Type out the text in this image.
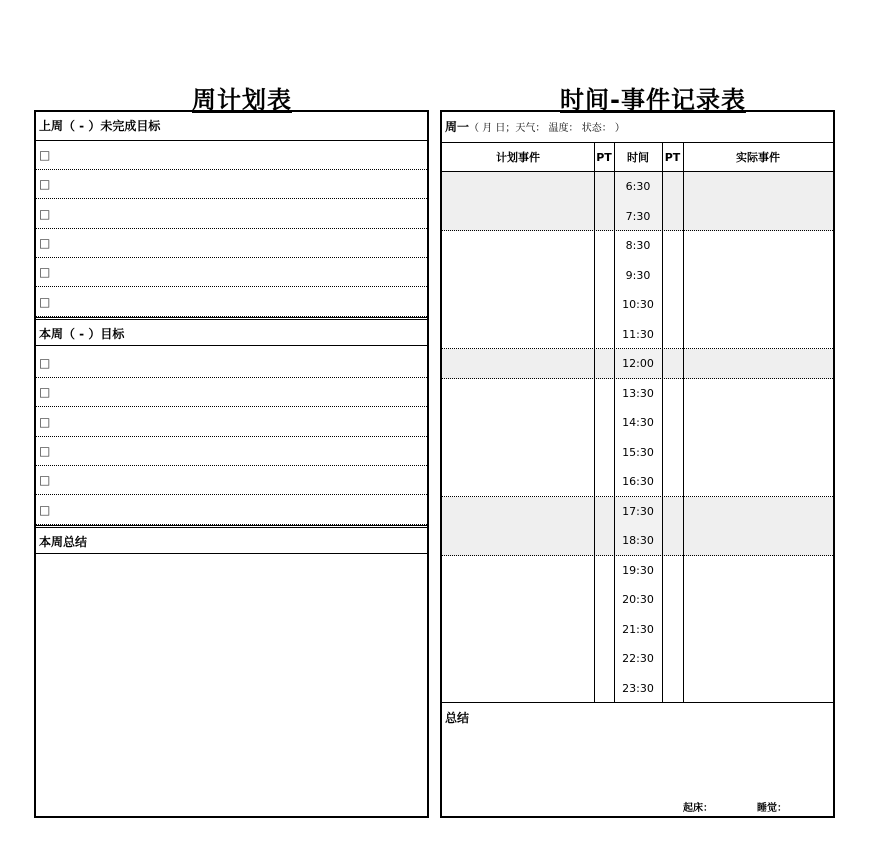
周计划表	时间-事件记录表
上周（ - ）未完成目标
□
□
□
□
□
□
本周（ - ）目标
□
□
□
□
□
□
本周总结
周一（ 月 日；天气： 温度： 状态： ）
计划事件	PT	时间	PT	实际事件
6:30
7:30
8:30
9:30
10:30
11:30
12:00
13:30
14:30
15:30
16:30
17:30
18:30
19:30
20:30
21:30
22:30
23:30
总结
起床：	睡觉：
